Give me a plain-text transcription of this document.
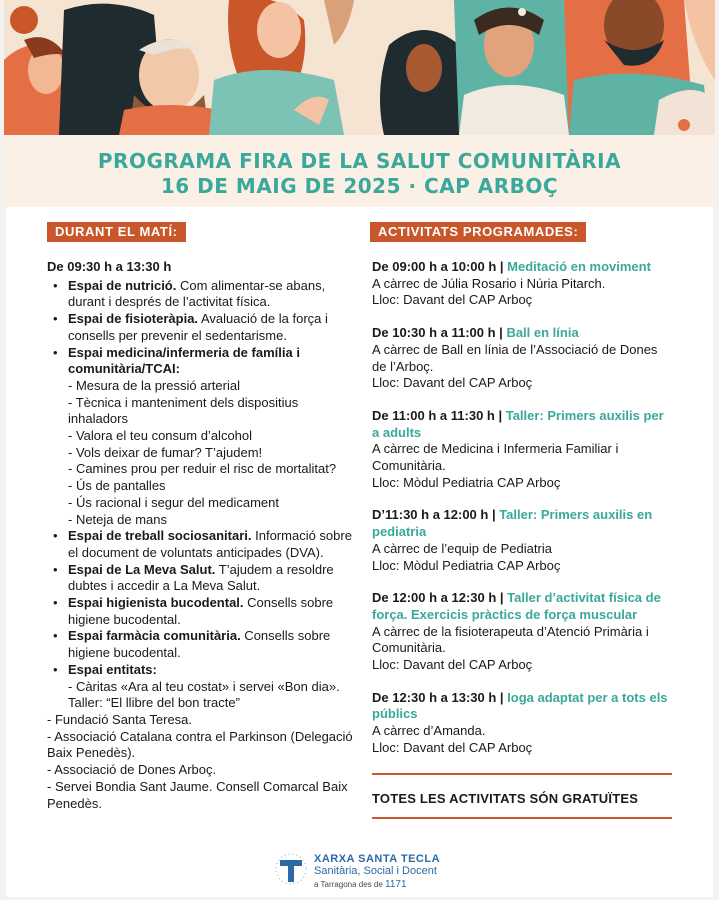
PROGRAMA FIRA DE LA SALUT COMUNITÀRIA
16 DE MAIG DE 2025 · CAP ARBOÇ
DURANT EL MATÍ:	ACTIVITATS PROGRAMADES:
De 09:30 h a 13:30 h
• Espai de nutrició. Com alimentar-se abans, durant i després de l’activitat física.
• Espai de fisioteràpia. Avaluació de la força i consells per prevenir el sedentarisme.
• Espai medicina/infermeria de família i comunitària/TCAI:
- Mesura de la pressió arterial
- Tècnica i manteniment dels dispositius inhaladors
- Valora el teu consum d’alcohol
- Vols deixar de fumar? T’ajudem!
- Camines prou per reduir el risc de mortalitat?
- Ús de pantalles
- Ús racional i segur del medicament
- Neteja de mans
• Espai de treball sociosanitari. Informació sobre el document de voluntats anticipades (DVA).
• Espai de La Meva Salut. T’ajudem a resoldre dubtes i accedir a La Meva Salut.
• Espai higienista bucodental. Consells sobre higiene bucodental.
• Espai farmàcia comunitària. Consells sobre higiene bucodental.
• Espai entitats:
- Càritas «Ara al teu costat» i servei «Bon dia». Taller: “El llibre del bon tracte”
- Fundació Santa Teresa.
- Associació Catalana contra el Parkinson (Delegació Baix Penedès).
- Associació de Dones Arboç.
- Servei Bondia Sant Jaume. Consell Comarcal Baix Penedès.
De 09:00 h a 10:00 h | Meditació en moviment
A càrrec de Júlia Rosario i Núria Pitarch.
Lloc: Davant del CAP Arboç
De 10:30 h a 11:00 h | Ball en línia
A càrrec de Ball en línia de l’Associació de Dones de l’Arboç.
Lloc: Davant del CAP Arboç
De 11:00 h a 11:30 h | Taller: Primers auxilis per a adults
A càrrec de Medicina i Infermeria Familiar i Comunitària.
Lloc: Mòdul Pediatria CAP Arboç
D’11:30 h a 12:00 h | Taller: Primers auxilis en pediatria
A càrrec de l’equip de Pediatria
Lloc: Mòdul Pediatria CAP Arboç
De 12:00 h a 12:30 h | Taller d’activitat física de força. Exercicis pràctics de força muscular
A càrrec de la fisioterapeuta d’Atenció Primària i Comunitària.
Lloc: Davant del CAP Arboç
De 12:30 h a 13:30 h | Ioga adaptat per a tots els públics
A càrrec d’Amanda.
Lloc: Davant del CAP Arboç
TOTES LES ACTIVITATS SÓN GRATUÏTES
XARXA SANTA TECLA
Sanitària, Social i Docent
a Tarragona des de 1171
